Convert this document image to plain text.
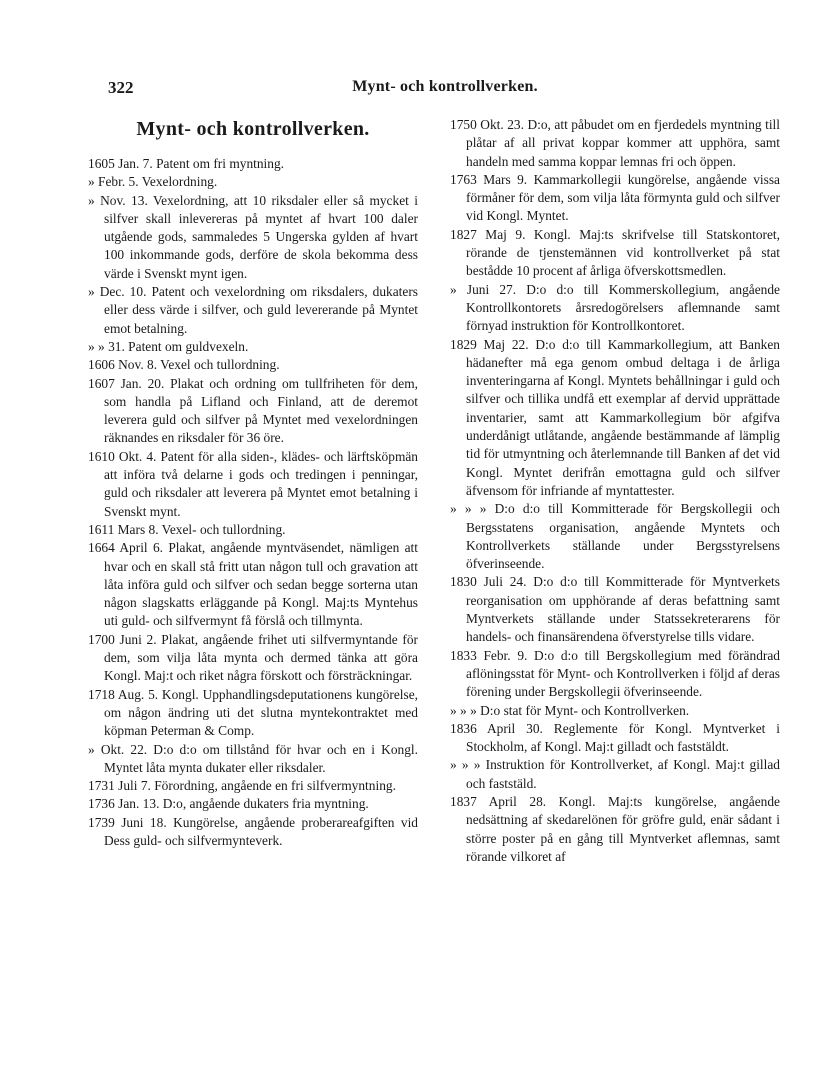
322	Mynt- och kontrollverken.
Mynt- och kontrollverken.

1605 Jan. 7. Patent om fri myntning.

» Febr. 5. Vexelordning.

» Nov. 13. Vexelordning, att 10 riksdaler eller så mycket i silfver skall inlevereras på myntet af hvart 100 daler utgående gods, sammaledes 5 Ungerska gylden af hvart 100 inkommande gods, derföre de skola bekomma dess värde i Svenskt mynt igen.

» Dec. 10. Patent och vexelordning om riksdalers, dukaters eller dess värde i silfver, och guld levererande på Myntet emot betalning.

» » 31. Patent om guldvexeln.

1606 Nov. 8. Vexel och tullordning.

1607 Jan. 20. Plakat och ordning om tullfriheten för dem, som handla på Lifland och Finland, att de deremot leverera guld och silfver på Myntet med vexelordningen räknandes en riksdaler för 36 öre.

1610 Okt. 4. Patent för alla siden-, klädes- och lärftsköpmän att införa två delarne i gods och tredingen i penningar, guld och riksdaler att leverera på Myntet emot betalning i Svenskt mynt.

1611 Mars 8. Vexel- och tullordning.

1664 April 6. Plakat, angående myntväsendet, nämligen att hvar och en skall stå fritt utan någon tull och gravation att låta införa guld och silfver och sedan begge sorterna utan någon slagskatts erläggande på Kongl. Maj:ts Myntehus uti guld- och silfvermynt få förslå och tillmynta.

1700 Juni 2. Plakat, angående frihet uti silfvermyntande för dem, som vilja låta mynta och dermed tänka att göra Kongl. Maj:t och riket några förskott och försträckningar.

1718 Aug. 5. Kongl. Upphandlingsdeputationens kungörelse, om någon ändring uti det slutna myntekontraktet med köpman Peterman & Comp.

» Okt. 22. D:o d:o om tillstånd för hvar och en i Kongl. Myntet låta mynta dukater eller riksdaler.

1731 Juli 7. Förordning, angående en fri silfvermyntning.

1736 Jan. 13. D:o, angående dukaters fria myntning.

1739 Juni 18. Kungörelse, angående proberareafgiften vid Dess guld- och silfvermynteverk.

1750 Okt. 23. D:o, att påbudet om en fjerdedels myntning till plåtar af all privat koppar kommer att upphöra, samt handeln med samma koppar lemnas fri och öppen.

1763 Mars 9. Kammarkollegii kungörelse, angående vissa förmåner för dem, som vilja låta förmynta guld och silfver vid Kongl. Myntet.

1827 Maj 9. Kongl. Maj:ts skrifvelse till Statskontoret, rörande de tjenstemännen vid kontrollverket på stat bestådde 10 procent af årliga öfverskottsmedlen.

» Juni 27. D:o d:o till Kommerskollegium, angående Kontrollkontorets årsredogörelsers aflemnande samt förnyad instruktion för Kontrollkontoret.

1829 Maj 22. D:o d:o till Kammarkollegium, att Banken hädanefter må ega genom ombud deltaga i de årliga inventeringarna af Kongl. Myntets behållningar i guld och silfver och tillika undfå ett exemplar af dervid upprättade inventarier, samt att Kammarkollegium bör afgifva underdånigt utlåtande, angående bestämmande af lämplig tid för utmyntning och återlemnande till Banken af det vid Kongl. Myntet derifrån emottagna guld och silfver äfvensom för infriande af myntattester.

» » » D:o d:o till Kommitterade för Bergskollegii och Bergsstatens organisation, angående Myntets och Kontrollverkets ställande under Bergsstyrelsens öfverinseende.

1830 Juli 24. D:o d:o till Kommitterade för Myntverkets reorganisation om upphörande af deras befattning samt Myntverkets ställande under Statssekreterarens för handels- och finansärendena öfverstyrelse tills vidare.

1833 Febr. 9. D:o d:o till Bergskollegium med förändrad aflöningsstat för Mynt- och Kontrollverken i följd af deras förening under Bergskollegii öfverinseende.

» » » D:o stat för Mynt- och Kontrollverken.

1836 April 30. Reglemente för Kongl. Myntverket i Stockholm, af Kongl. Maj:t gilladt och faststäldt.

» » » Instruktion för Kontrollverket, af Kongl. Maj:t gillad och faststäld.

1837 April 28. Kongl. Maj:ts kungörelse, angående nedsättning af skedarelönen för gröfre guld, enär sådant i större poster på en gång till Myntverket aflemnas, samt rörande vilkoret af
